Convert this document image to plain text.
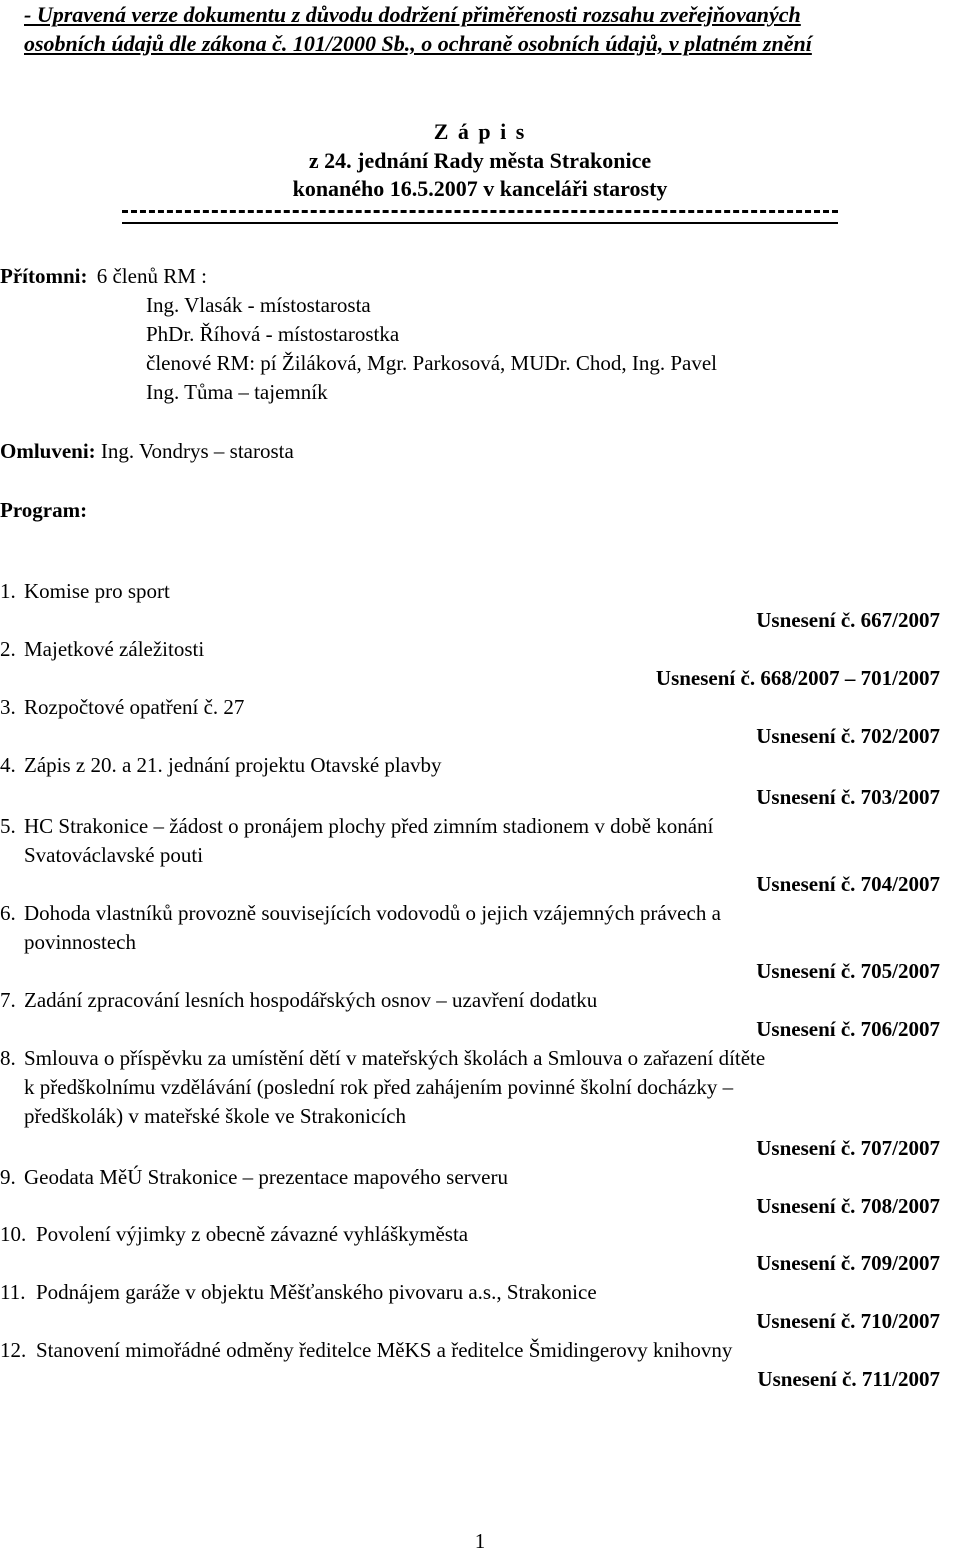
- Upravená verze dokumentu z důvodu dodržení přiměřenosti rozsahu zveřejňovaných
osobních údajů dle zákona č. 101/2000 Sb., o ochraně osobních údajů, v platném znění
Z á p i s
z 24. jednání Rady města Strakonice
konaného 16.5.2007 v kanceláři starosty
Přítomni: 6 členů RM :
Ing. Vlasák - místostarosta
PhDr. Říhová - místostarostka
členové RM: pí Žiláková, Mgr. Parkosová, MUDr. Chod, Ing. Pavel
Ing. Tůma – tajemník
Omluveni: Ing. Vondrys – starosta
Program:
1. Komise pro sport
Usnesení č. 667/2007
2. Majetkové záležitosti
Usnesení č. 668/2007 – 701/2007
3. Rozpočtové opatření č. 27
Usnesení č. 702/2007
4. Zápis z 20. a 21. jednání projektu Otavské plavby
Usnesení č. 703/2007
5. HC Strakonice – žádost o pronájem plochy před zimním stadionem v době konání
Svatováclavské pouti
Usnesení č. 704/2007
6. Dohoda vlastníků provozně souvisejících vodovodů o jejich vzájemných právech a
povinnostech
Usnesení č. 705/2007
7. Zadání zpracování lesních hospodářských osnov – uzavření dodatku
Usnesení č. 706/2007
8. Smlouva o příspěvku za umístění dětí v mateřských školách a Smlouva o zařazení dítěte
k předškolnímu vzdělávání (poslední rok před zahájením povinné školní docházky –
předškolák) v mateřské škole ve Strakonicích
Usnesení č. 707/2007
9. Geodata MěÚ Strakonice – prezentace mapového serveru
Usnesení č. 708/2007
10. Povolení výjimky z obecně závazné vyhláškyměsta
Usnesení č. 709/2007
11. Podnájem garáže v objektu Měšťanského pivovaru a.s., Strakonice
Usnesení č. 710/2007
12. Stanovení mimořádné odměny ředitelce MěKS a ředitelce Šmidingerovy knihovny
Usnesení č. 711/2007
1
